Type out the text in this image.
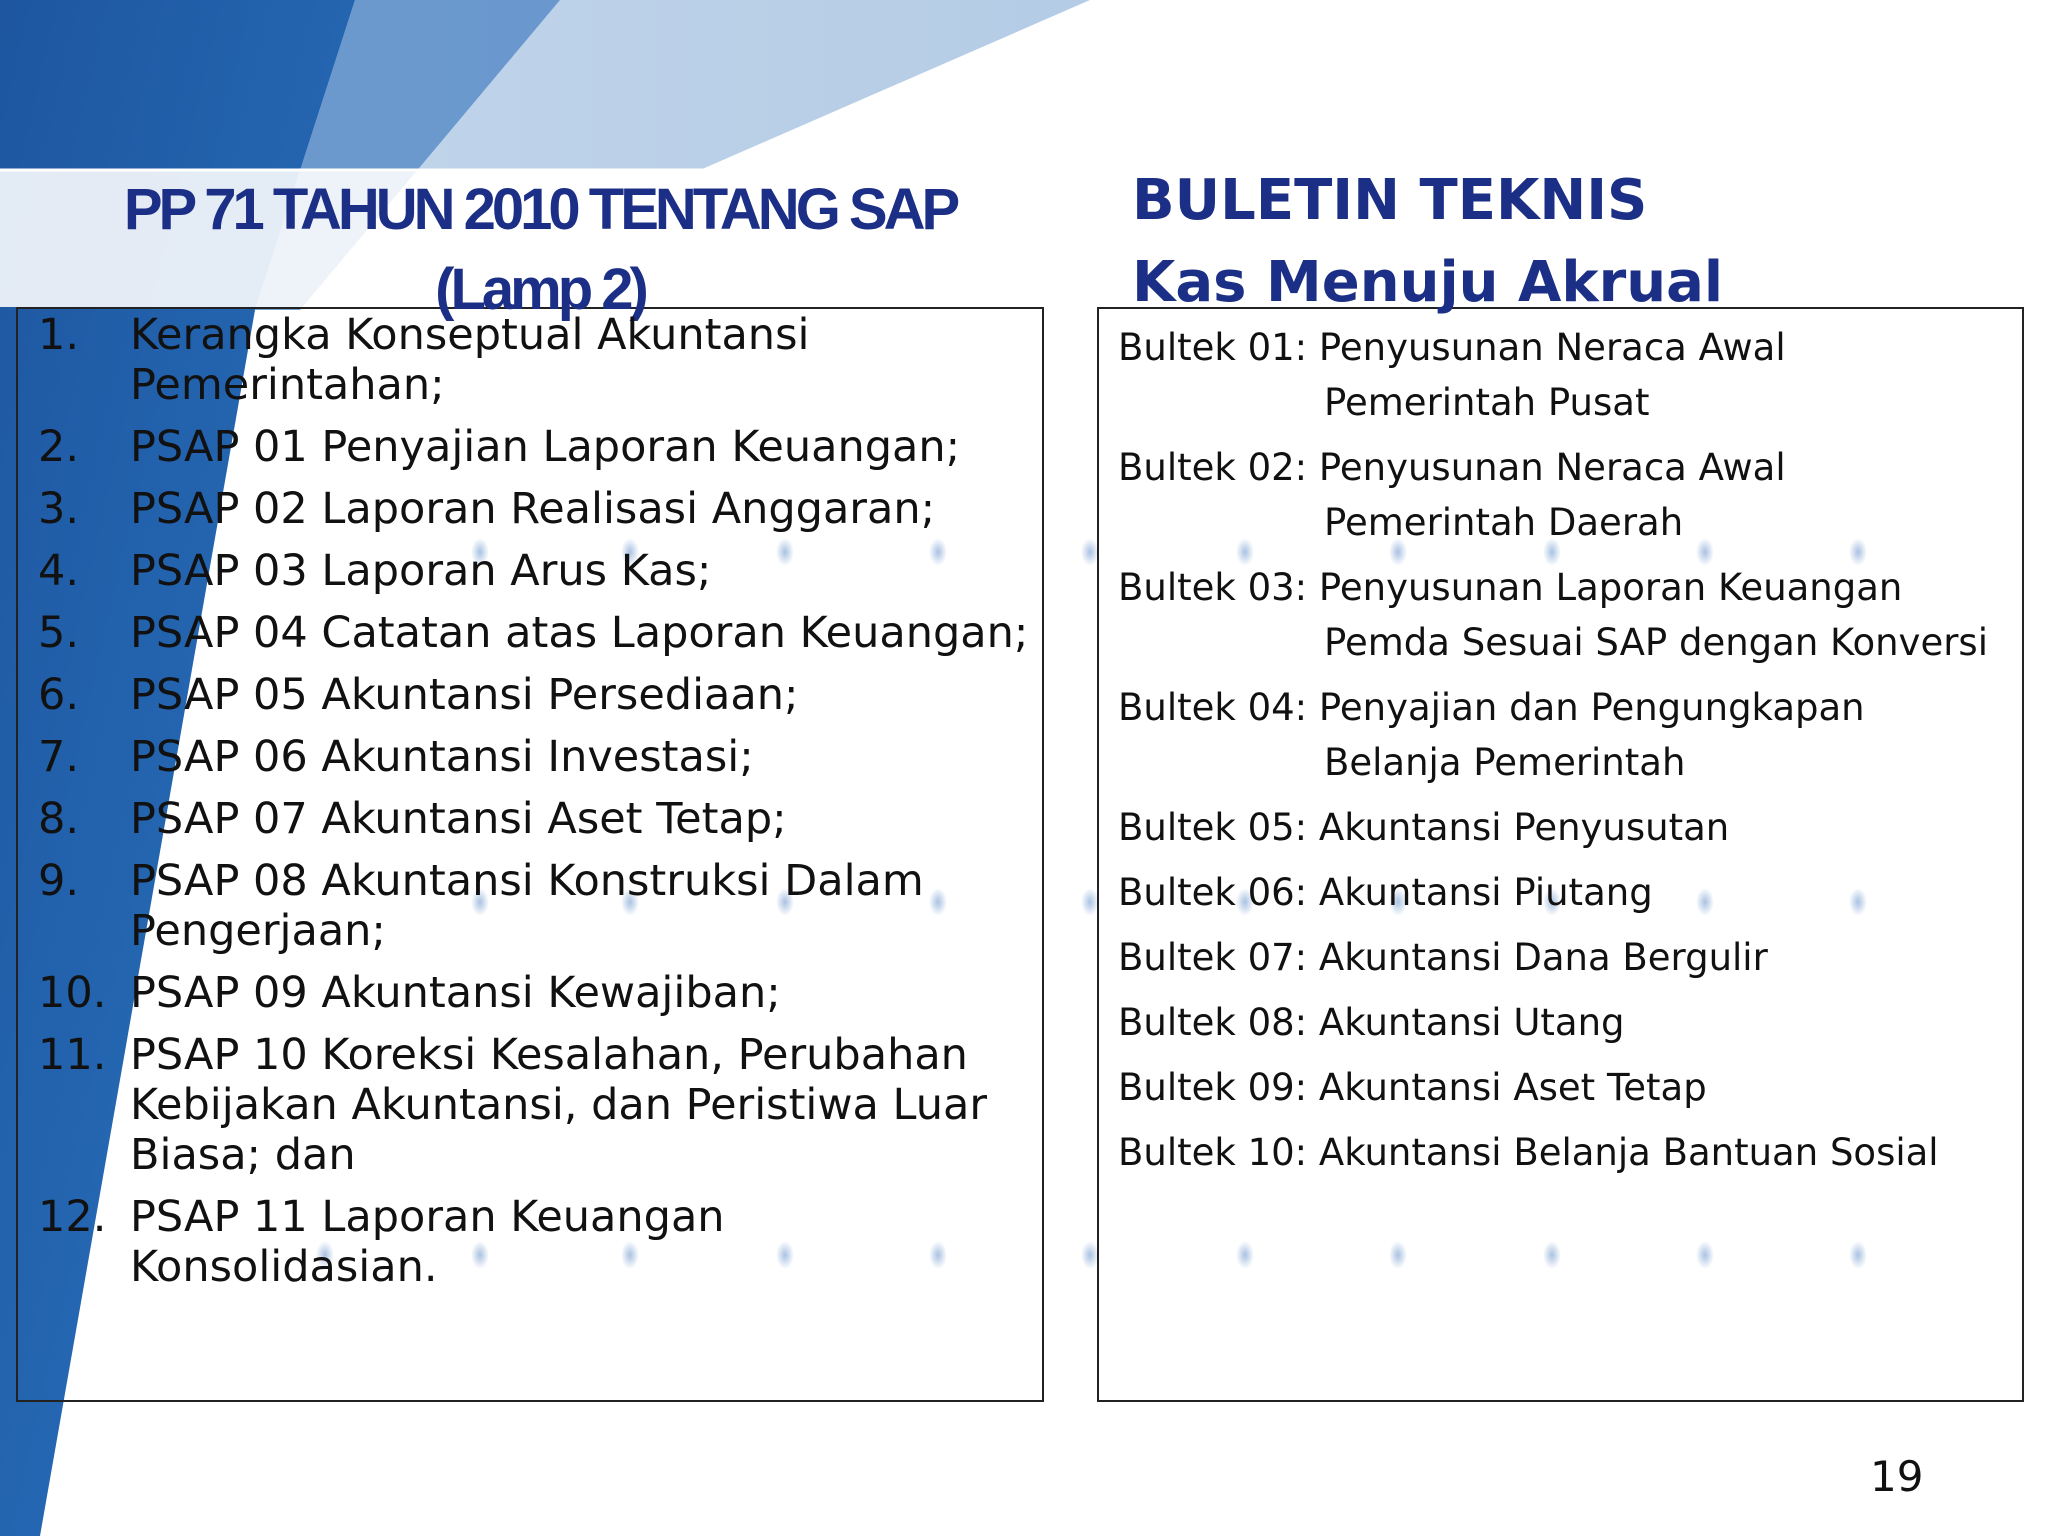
PP 71 TAHUN 2010 TENTANG SAP
(Lamp 2)
BULETIN TEKNIS
Kas Menuju Akrual
1.	Kerangka Konseptual Akuntansi Pemerintahan;
2.	PSAP 01 Penyajian Laporan Keuangan;
3.	PSAP 02 Laporan Realisasi Anggaran;
4.	PSAP 03 Laporan Arus Kas;
5.	PSAP 04 Catatan atas Laporan Keuangan;
6.	PSAP 05 Akuntansi Persediaan;
7.	PSAP 06 Akuntansi Investasi;
8.	PSAP 07 Akuntansi Aset Tetap;
9.	PSAP 08 Akuntansi Konstruksi Dalam Pengerjaan;
10. PSAP 09 Akuntansi Kewajiban;
11. PSAP 10 Koreksi Kesalahan, Perubahan Kebijakan Akuntansi, dan Peristiwa Luar Biasa; dan
12. PSAP 11 Laporan Keuangan Konsolidasian.
Bultek 01: Penyusunan Neraca Awal
Pemerintah Pusat
Bultek 02: Penyusunan Neraca Awal
Pemerintah Daerah
Bultek 03: Penyusunan Laporan Keuangan
Pemda Sesuai SAP dengan Konversi
Bultek 04: Penyajian dan Pengungkapan
Belanja Pemerintah
Bultek 05: Akuntansi Penyusutan
Bultek 06: Akuntansi Piutang
Bultek 07: Akuntansi Dana Bergulir
Bultek 08: Akuntansi Utang
Bultek 09: Akuntansi Aset Tetap
Bultek 10: Akuntansi Belanja Bantuan Sosial
19
